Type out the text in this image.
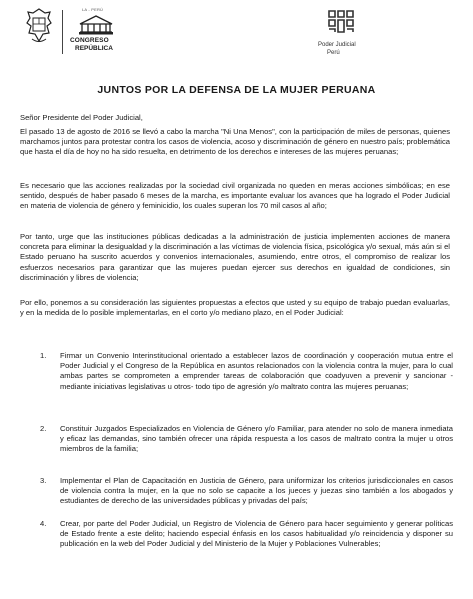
LA - PERÚ
CONGRESO
REPÚBLICA	Poder Judicial
Perú
JUNTOS POR LA DEFENSA DE LA MUJER PERUANA
Señor Presidente del Poder Judicial,
El pasado 13 de agosto de 2016 se llevó a cabo la marcha "Ni Una Menos", con la participación de miles de personas, quienes marchamos juntos para protestar contra los casos de violencia, acoso y discriminación de género en nuestro país; problemática que hasta el día de hoy no ha sido resuelta, en detrimento de los derechos e intereses de las mujeres peruanas;
Es necesario que las acciones realizadas por la sociedad civil organizada no queden en meras acciones simbólicas; en ese sentido, después de haber pasado 6 meses de la marcha, es importante evaluar los avances que ha logrado el Poder Judicial en materia de violencia de género y feminicidio, los cuales superan los 70 mil casos al año;
Por tanto, urge que las instituciones públicas dedicadas a la administración de justicia implementen acciones de manera concreta para eliminar la desigualdad y la discriminación a las víctimas de violencia física, psicológica y/o sexual, más aún si el Estado peruano ha suscrito acuerdos y convenios internacionales, asumiendo, entre otros, el compromiso de realizar los esfuerzos necesarios para garantizar que las mujeres puedan ejercer sus derechos en igualdad de condiciones, sin discriminación y libres de violencia;
Por ello, ponemos a su consideración las siguientes propuestas a efectos que usted y su equipo de trabajo puedan evaluarlas, y en la medida de lo posible implementarlas, en el corto y/o mediano plazo, en el Poder Judicial:
1. Firmar un Convenio Interinstitucional orientado a establecer lazos de coordinación y cooperación mutua entre el Poder Judicial y el Congreso de la República en asuntos relacionados con la violencia contra la mujer, para lo cual ambas partes se comprometen a emprender tareas de colaboración que coadyuven a prevenir y sancionar -mediante iniciativas legislativas u otros- todo tipo de agresión y/o maltrato contra las mujeres peruanas;
2. Constituir Juzgados Especializados en Violencia de Género y/o Familiar, para atender no solo de manera inmediata y eficaz las demandas, sino también ofrecer una rápida respuesta a los casos de maltrato contra la mujer u otros miembros de la familia;
3. Implementar el Plan de Capacitación en Justicia de Género, para uniformizar los criterios jurisdiccionales en casos de violencia contra la mujer, en la que no solo se capacite a los jueces y juezas sino también a los abogados y estudiantes de derecho de las universidades públicas y privadas del país;
4. Crear, por parte del Poder Judicial, un Registro de Violencia de Género para hacer seguimiento y generar políticas de Estado frente a este delito; haciendo especial énfasis en los casos habitualidad y/o reincidencia y disponer su publicación en la web del Poder Judicial y del Ministerio de la Mujer y Poblaciones Vulnerables;
